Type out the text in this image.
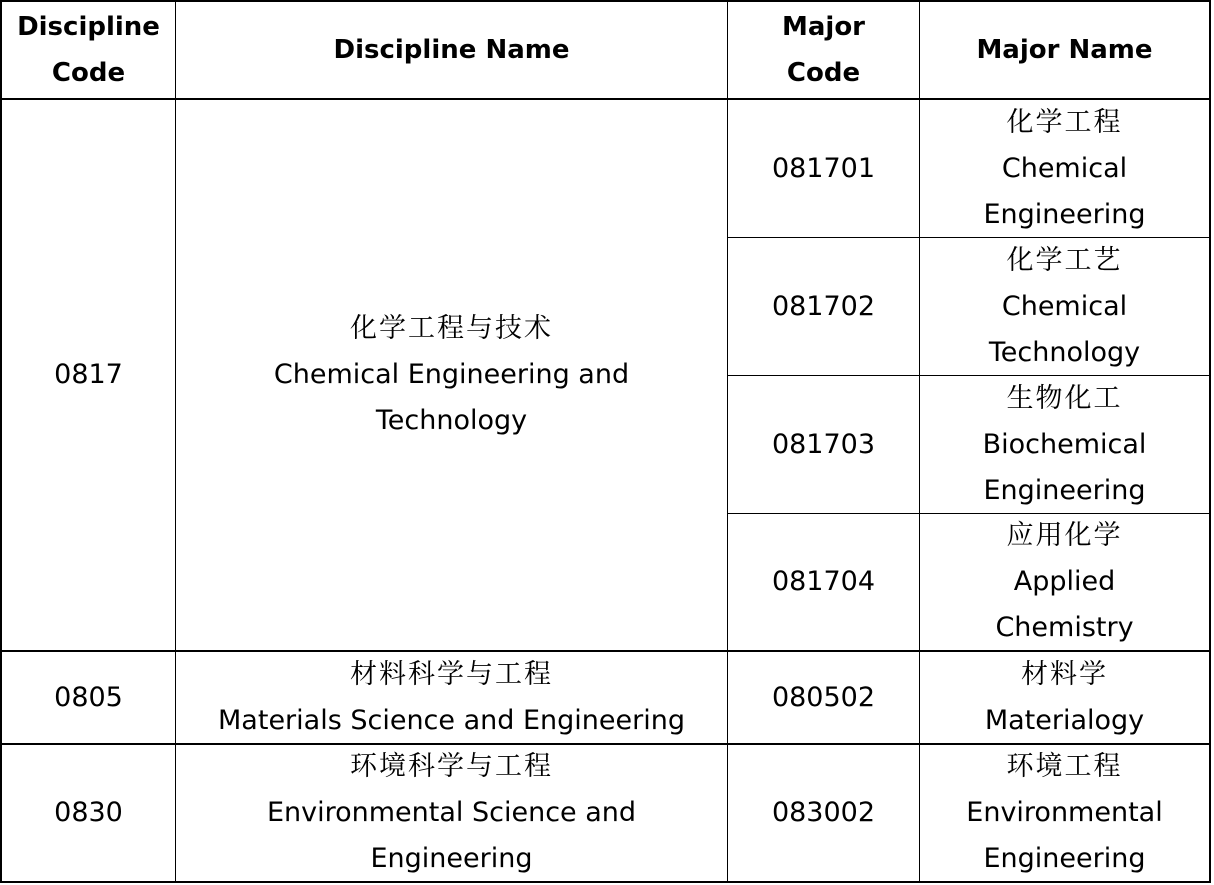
Discipline
Code
Discipline Name
Major
Code
Major Name
0817
化学工程与技术
Chemical Engineering and
Technology
081701
化学工程
Chemical
Engineering
081702
化学工艺
Chemical
Technology
081703
生物化工
Biochemical
Engineering
081704
应用化学
Applied
Chemistry
0805
材料科学与工程
Materials Science and Engineering
080502
材料学
Materialogy
0830
环境科学与工程
Environmental Science and
Engineering
083002
环境工程
Environmental
Engineering
